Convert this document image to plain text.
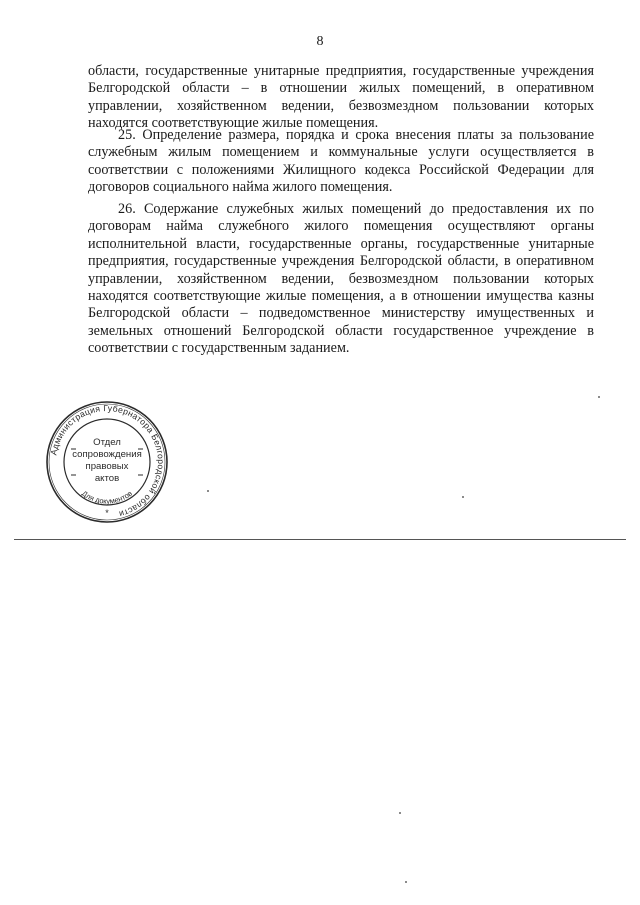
8

области, государственные унитарные предприятия, государственные учреждения Белгородской области – в отношении жилых помещений, в оперативном управлении, хозяйственном ведении, безвозмездном пользовании которых находятся соответствующие жилые помещения.

25. Определение размера, порядка и срока внесения платы за пользование служебным жилым помещением и коммунальные услуги осуществляется в соответствии с положениями Жилищного кодекса Российской Федерации для договоров социального найма жилого помещения.

26. Содержание служебных жилых помещений до предоставления их по договорам найма служебного жилого помещения осуществляют органы исполнительной власти, государственные органы, государственные унитарные предприятия, государственные учреждения Белгородской области, в оперативном управлении, хозяйственном ведении, безвозмездном пользовании которых находятся соответствующие жилые помещения, а в отношении имущества казны Белгородской области – подведомственное министерству имущественных и земельных отношений Белгородской области государственное учреждение в соответствии с государственным заданием.

Администрация Губернатора Белгородской области
Отдел
сопровождения
правовых
актов
Для документов
*
